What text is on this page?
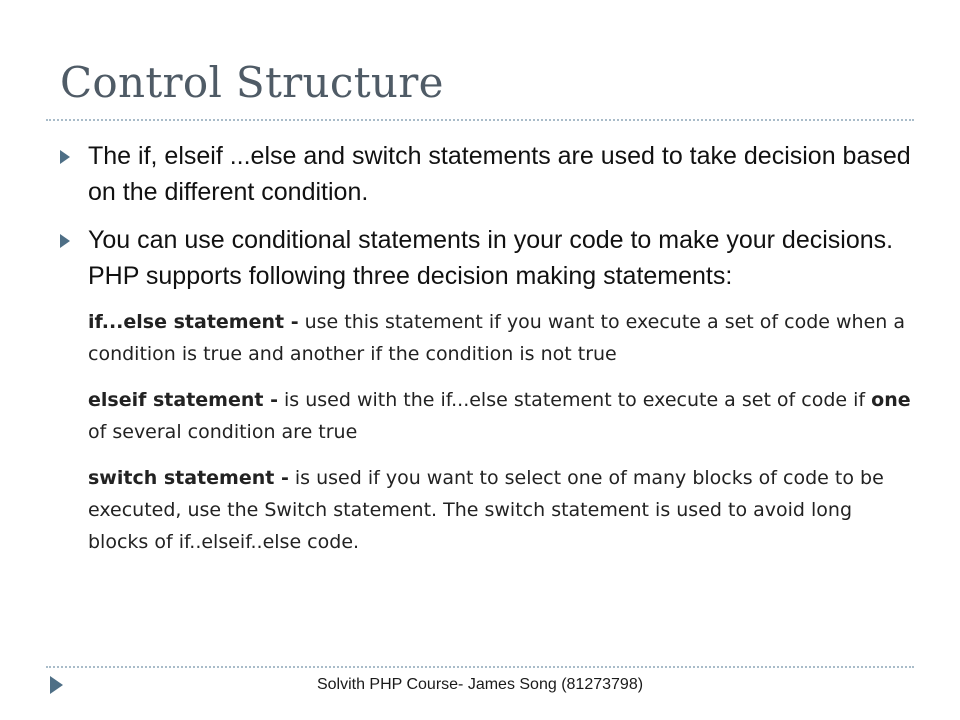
Control Structure
The if, elseif ...else and switch statements are used to take decision based on the different condition.
You can use conditional statements in your code to make your decisions. PHP supports following three decision making statements:
if...else statement - use this statement if you want to execute a set of code when a condition is true and another if the condition is not true
elseif statement - is used with the if...else statement to execute a set of code if one of several condition are true
switch statement - is used if you want to select one of many blocks of code to be executed, use the Switch statement. The switch statement is used to avoid long blocks of if..elseif..else code.
Solvith PHP Course- James Song (81273798)
